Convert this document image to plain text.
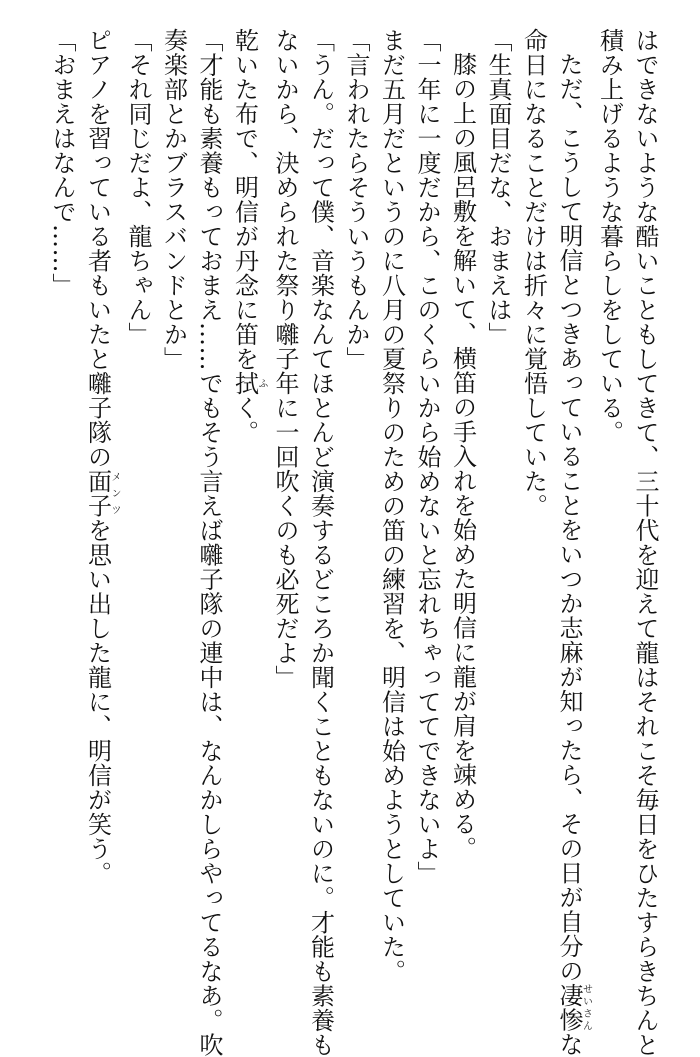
はできないような酷いこともしてきて、三十代を迎えて龍はそれこそ毎日をひたすらきちんと
積み上げるような暮らしをしている。
ただ、こうして明信とつきあっていることをいつか志麻が知ったら、その日が自分の凄惨せいさんな
命日になることだけは折々に覚悟していた。
「生真面目だな、おまえは」
膝の上の風呂敷を解いて、横笛の手入れを始めた明信に龍が肩を竦める。
「一年に一度だから、このくらいから始めないと忘れちゃっててできないよ」
まだ五月だというのに八月の夏祭りのための笛の練習を、明信は始めようとしていた。
「言われたらそういうもんか」
「うん。だって僕、音楽なんてほとんど演奏するどころか聞くこともないのに。才能も素養も
ないから、決められた祭り囃子年に一回吹くのも必死だよ」
乾いた布で、明信が丹念に笛を拭ふく。
「才能も素養もっておまえ……でもそう言えば囃子隊の連中は、なんかしらやってるなあ。吹
奏楽部とかブラスバンドとか」
「それ同じだよ、龍ちゃん」
ピアノを習っている者もいたと囃子隊の面子メンツを思い出した龍に、明信が笑う。
「おまえはなんで……」
